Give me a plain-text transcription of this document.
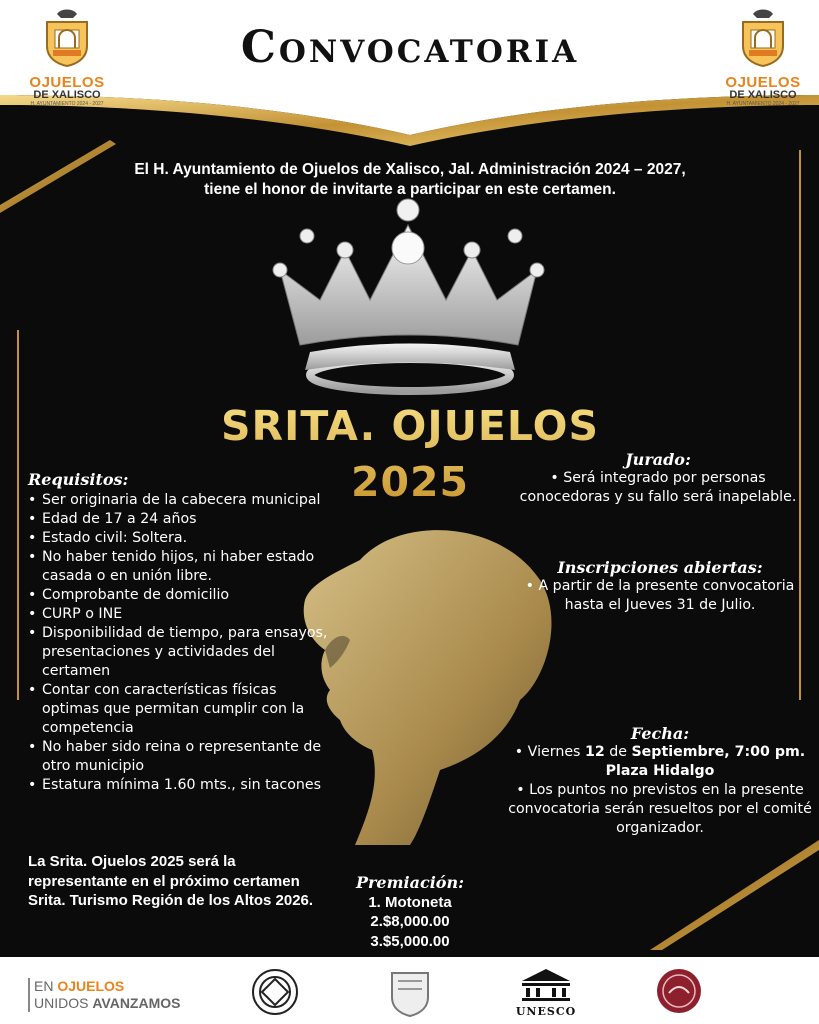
OJUELOS
DE XALISCO
H. AYUNTAMIENTO 2024 - 2027
Convocatoria
OJUELOS
DE XALISCO
H. AYUNTAMIENTO 2024 - 2027
El H. Ayuntamiento de Ojuelos de Xalisco, Jal. Administración 2024 – 2027,
tiene el honor de invitarte a participar en este certamen.
SRITA. OJUELOS
2025
Requisitos:
• Ser originaria de la cabecera municipal
• Edad de 17 a 24 años
• Estado civil: Soltera.
• No haber tenido hijos, ni haber estado casada o en unión libre.
• Comprobante de domicilio
• CURP o INE
• Disponibilidad de tiempo, para ensayos, presentaciones y actividades del certamen
• Contar con características físicas optimas que permitan cumplir con la competencia
• No haber sido reina o representante de otro municipio
• Estatura mínima 1.60 mts., sin tacones
La Srita. Ojuelos 2025 será la representante en el próximo certamen Srita. Turismo Región de los Altos 2026.
Jurado:
• Será integrado por personas conocedoras y su fallo será inapelable.
Inscripciones abiertas:
• A partir de la presente convocatoria hasta el Jueves 31 de Julio.
Fecha:
• Viernes 12 de Septiembre, 7:00 pm.
Plaza Hidalgo
• Los puntos no previstos en la presente convocatoria serán resueltos por el comité organizador.
Premiación:
1. Motoneta
2.$8,000.00
3.$5,000.00
EN OJUELOS
UNIDOS AVANZAMOS
UNESCO
